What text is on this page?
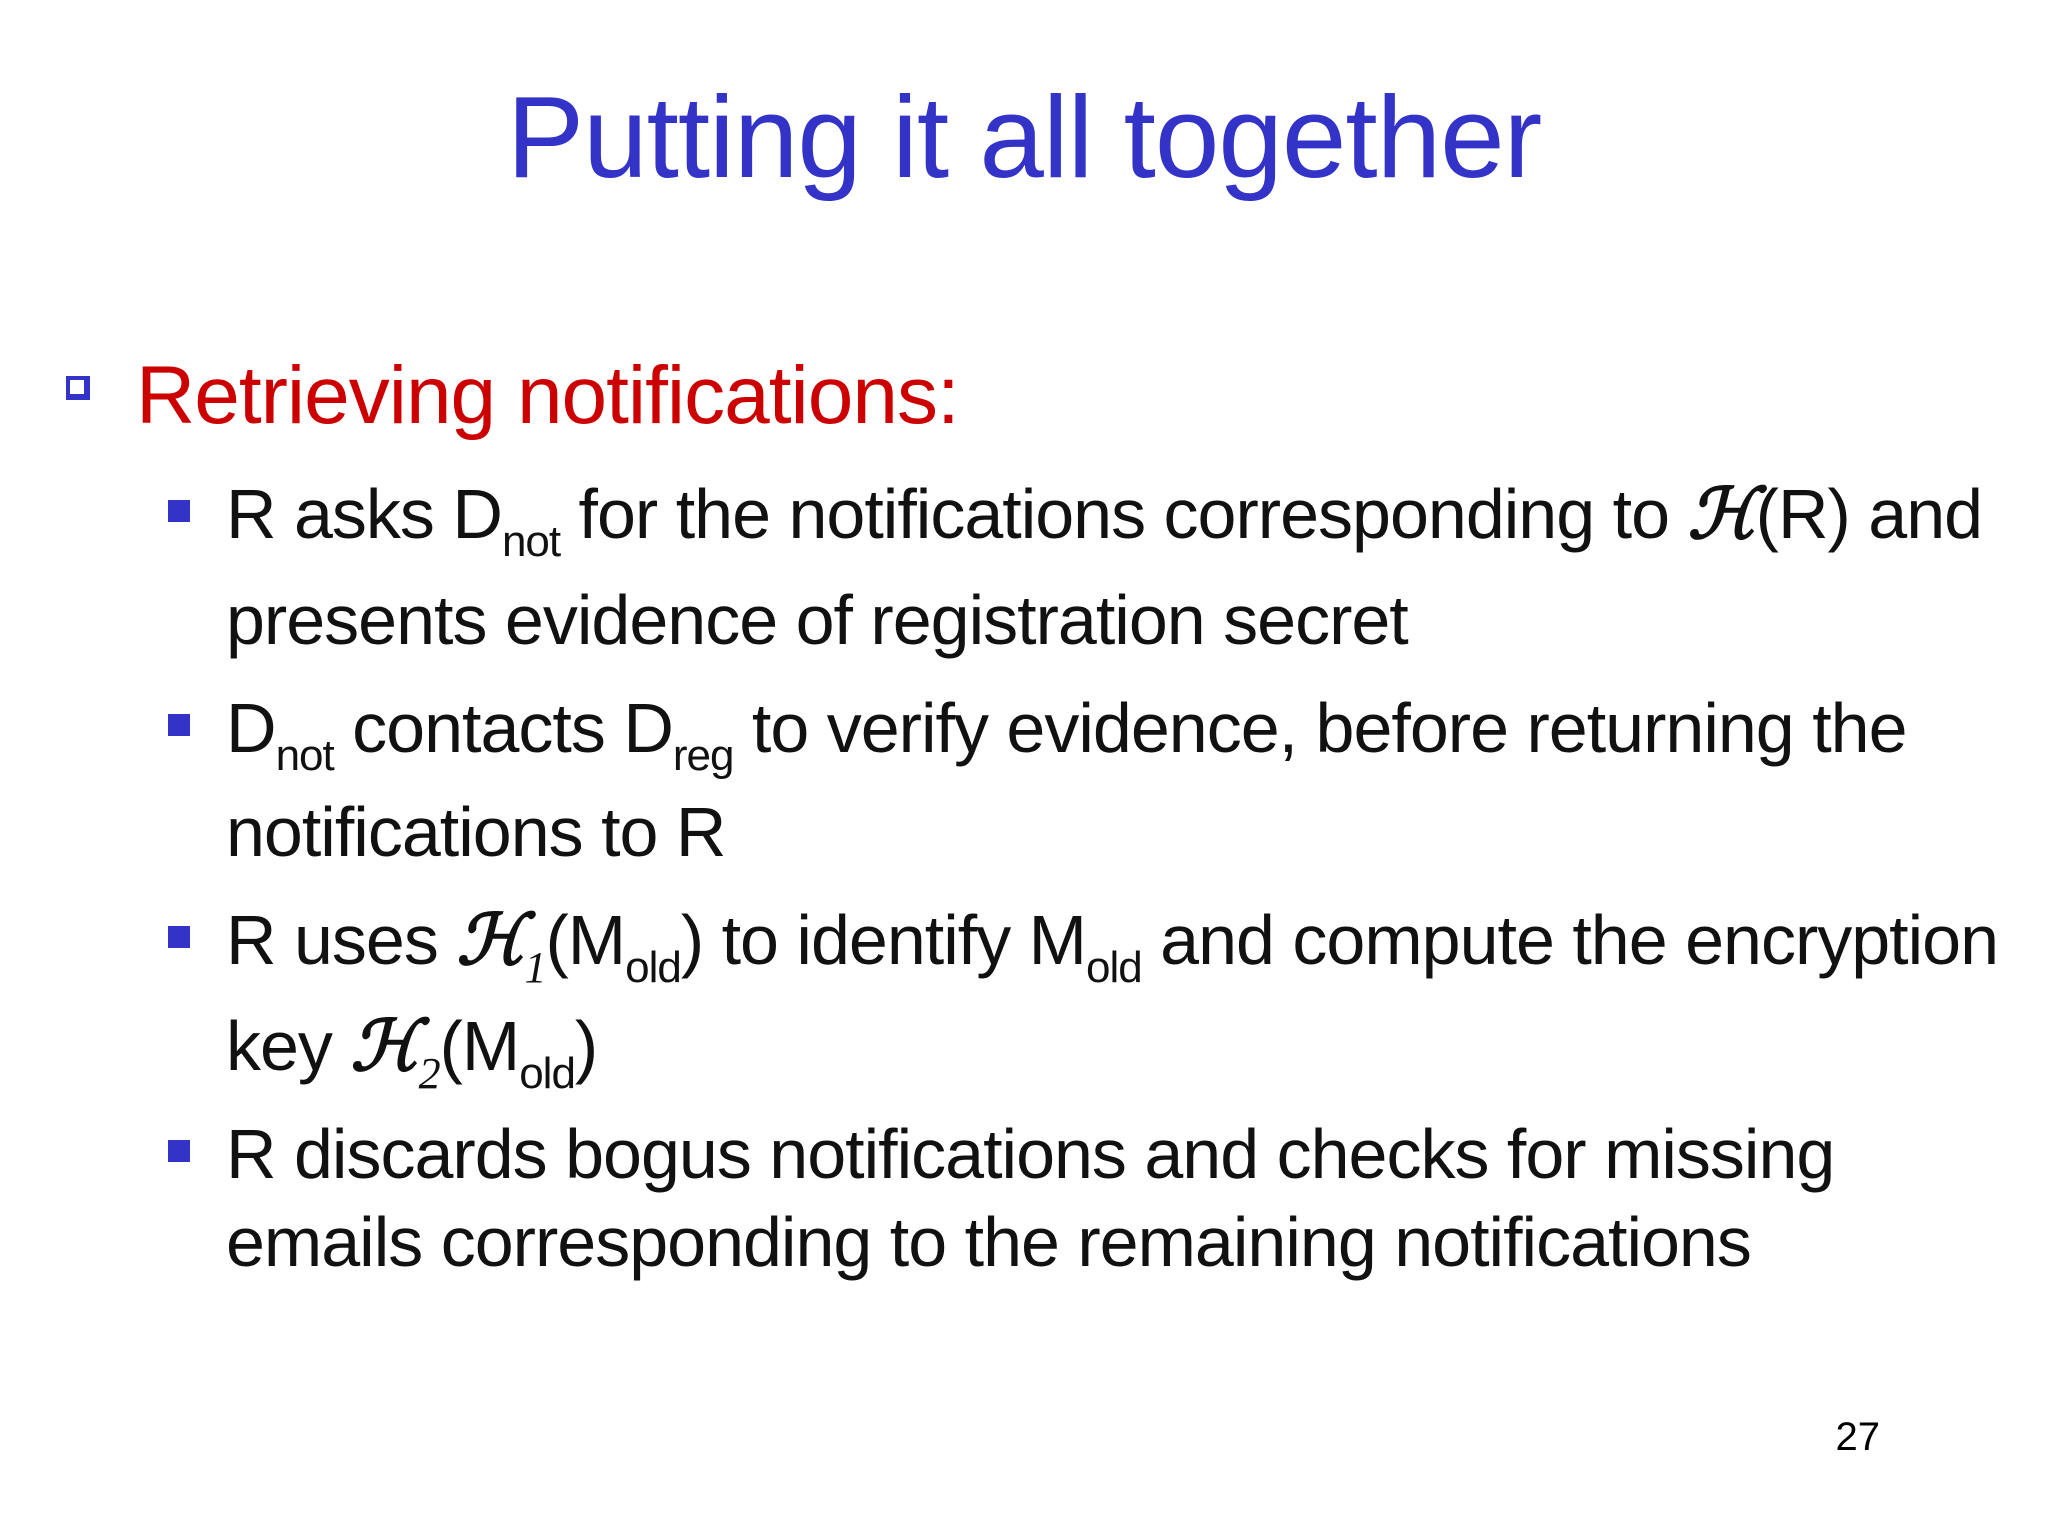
Putting it all together
Retrieving notifications:
R asks $D_{not}$ for the notifications corresponding to ℋ(R) and presents evidence of registration secret
$D_{not}$ contacts $D_{reg}$ to verify evidence, before returning the notifications to R
R uses $ℋ_1(M_{old})$ to identify $M_{old}$ and compute the encryption key $ℋ_2(M_{old})$
R discards bogus notifications and checks for missing emails corresponding to the remaining notifications
27
